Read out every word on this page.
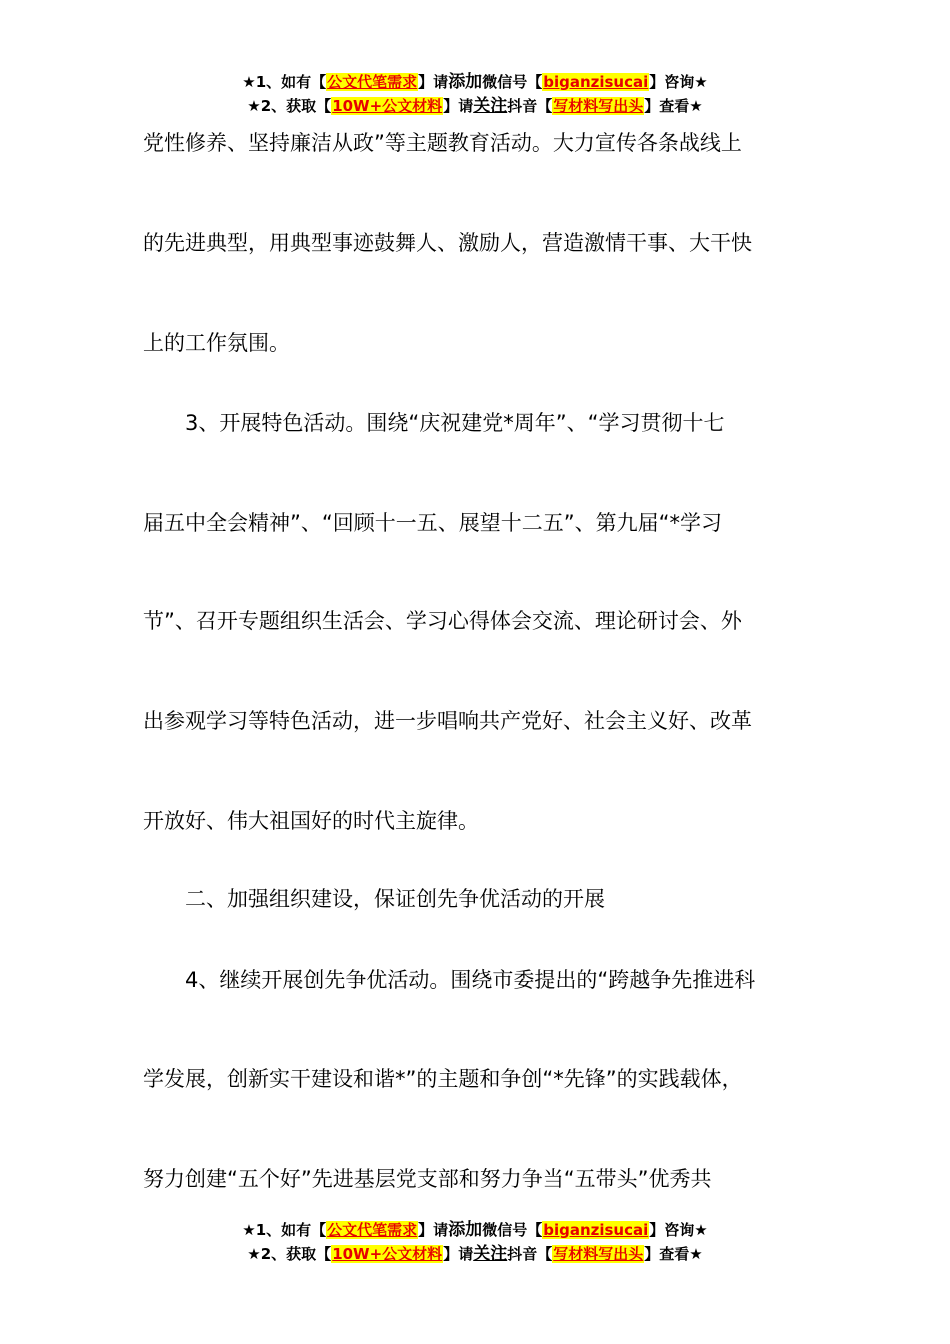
★1、如有【公文代笔需求】请添加微信号【biganzisucai】咨询★
★2、获取【10W+公文材料】请关注抖音【写材料写出头】查看★
党性修养、坚持廉洁从政”等主题教育活动。大力宣传各条战线上
的先进典型，用典型事迹鼓舞人、激励人，营造激情干事、大干快
上的工作氛围。
　　3、开展特色活动。围绕“庆祝建党*周年”、“学习贯彻十七
届五中全会精神”、“回顾十一五、展望十二五”、第九届“*学习
节”、召开专题组织生活会、学习心得体会交流、理论研讨会、外
出参观学习等特色活动，进一步唱响共产党好、社会主义好、改革
开放好、伟大祖国好的时代主旋律。
　　二、加强组织建设，保证创先争优活动的开展
　　4、继续开展创先争优活动。围绕市委提出的“跨越争先推进科
学发展，创新实干建设和谐*”的主题和争创“*先锋”的实践载体，
努力创建“五个好”先进基层党支部和努力争当“五带头”优秀共
★1、如有【公文代笔需求】请添加微信号【biganzisucai】咨询★
★2、获取【10W+公文材料】请关注抖音【写材料写出头】查看★
